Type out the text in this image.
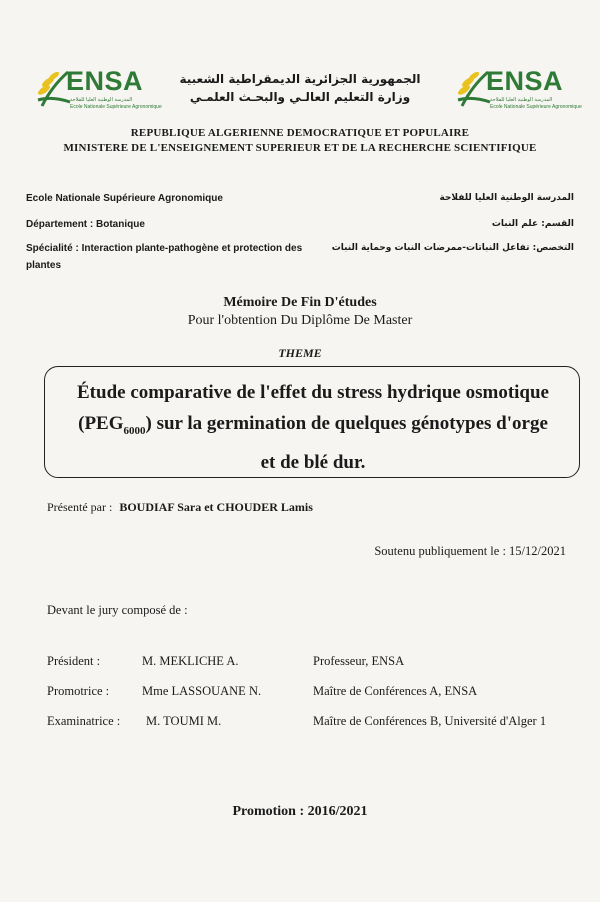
ENSA
المدرسة الوطنية العليا للفلاحة
Ecole Nationale Supérieure Agronomique
ENSA
المدرسة الوطنية العليا للفلاحة
Ecole Nationale Supérieure Agronomique
الجمهورية الجزائرية الديمقراطية الشعبية
وزارة التعليم العالـي والبحـث العلمـي
REPUBLIQUE ALGERIENNE DEMOCRATIQUE ET POPULAIRE
MINISTERE DE L'ENSEIGNEMENT SUPERIEUR ET DE LA RECHERCHE SCIENTIFIQUE
Ecole Nationale Supérieure Agronomique	المدرسة الوطنية العليا للفلاحة
Département : Botanique	القسم: علم النبات
Spécialité : Interaction plante-pathogène et protection des
plantes
التخصص: تفاعل النباتات-ممرضات النبات وحماية النبات
Mémoire De Fin D'études
Pour l'obtention Du Diplôme De Master
THEME
Étude comparative de l'effet du stress hydrique osmotique
$(PEG_{6000})$ sur la germination de quelques génotypes d'orge
et de blé dur.
Présenté par : BOUDIAF Sara et CHOUDER Lamis
Soutenu publiquement le : 15/12/2021
Devant le jury composé de :
Président :	M. MEKLICHE A.	Professeur, ENSA
Promotrice :	Mme LASSOUANE N.	Maître de Conférences A, ENSA
Examinatrice : M. TOUMI M.	Maître de Conférences B, Université d'Alger 1
Promotion : 2016/2021
